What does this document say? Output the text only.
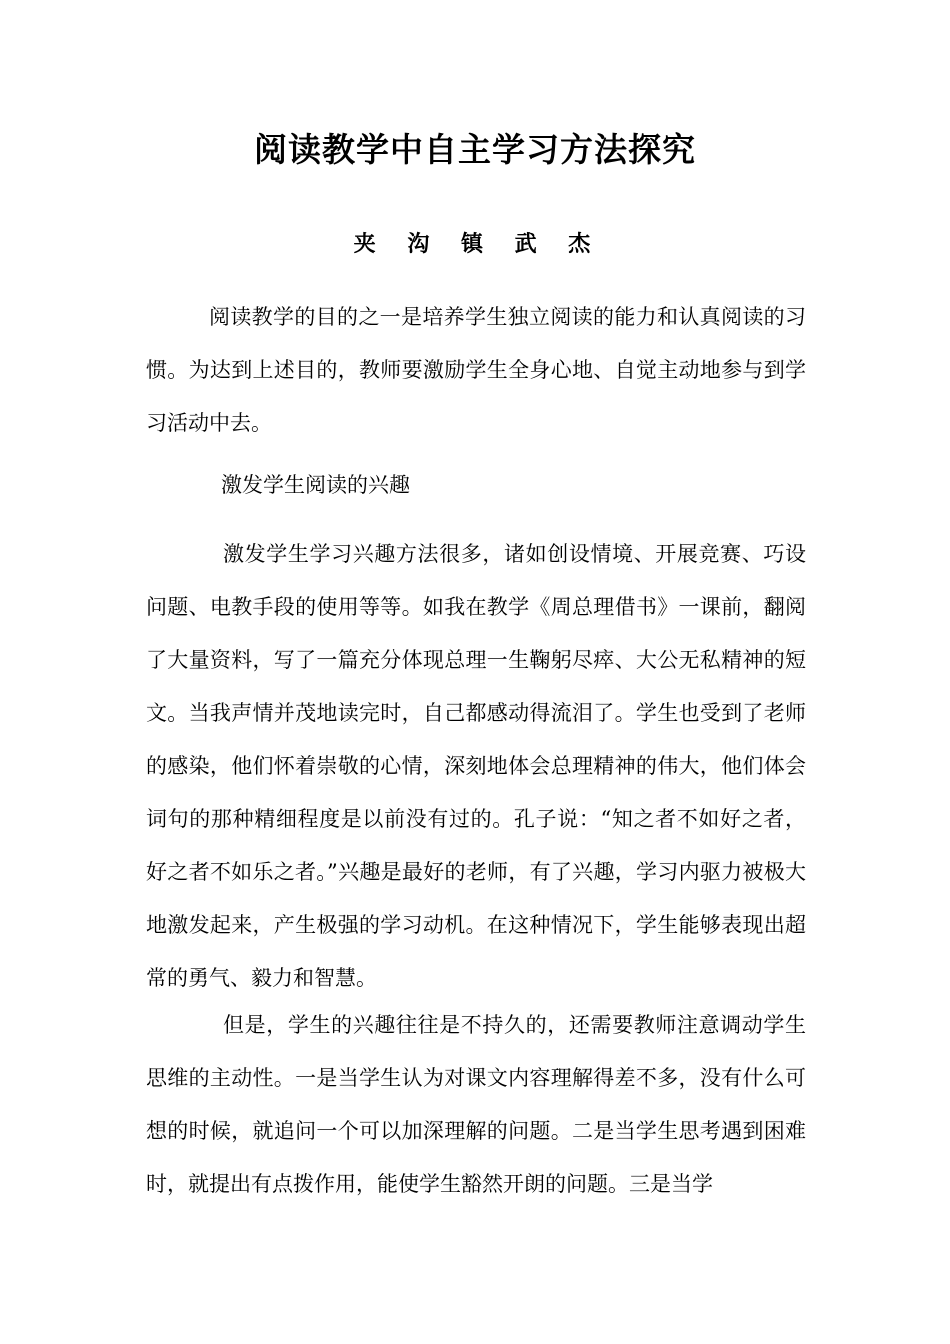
阅读教学中自主学习方法探究

夹 沟 镇 武 杰

阅读教学的目的之一是培养学生独立阅读的能力和认真阅读的习惯。为达到上述目的，教师要激励学生全身心地、自觉主动地参与到学习活动中去。

激发学生阅读的兴趣

激发学生学习兴趣方法很多，诸如创设情境、开展竞赛、巧设问题、电教手段的使用等等。如我在教学《周总理借书》一课前，翻阅了大量资料，写了一篇充分体现总理一生鞠躬尽瘁、大公无私精神的短文。当我声情并茂地读完时，自己都感动得流泪了。学生也受到了老师的感染，他们怀着崇敬的心情，深刻地体会总理精神的伟大，他们体会词句的那种精细程度是以前没有过的。孔子说：“知之者不如好之者，好之者不如乐之者。”兴趣是最好的老师，有了兴趣，学习内驱力被极大地激发起来，产生极强的学习动机。在这种情况下，学生能够表现出超常的勇气、毅力和智慧。

但是，学生的兴趣往往是不持久的，还需要教师注意调动学生思维的主动性。一是当学生认为对课文内容理解得差不多，没有什么可想的时候，就追问一个可以加深理解的问题。二是当学生思考遇到困难时，就提出有点拨作用，能使学生豁然开朗的问题。三是当学
